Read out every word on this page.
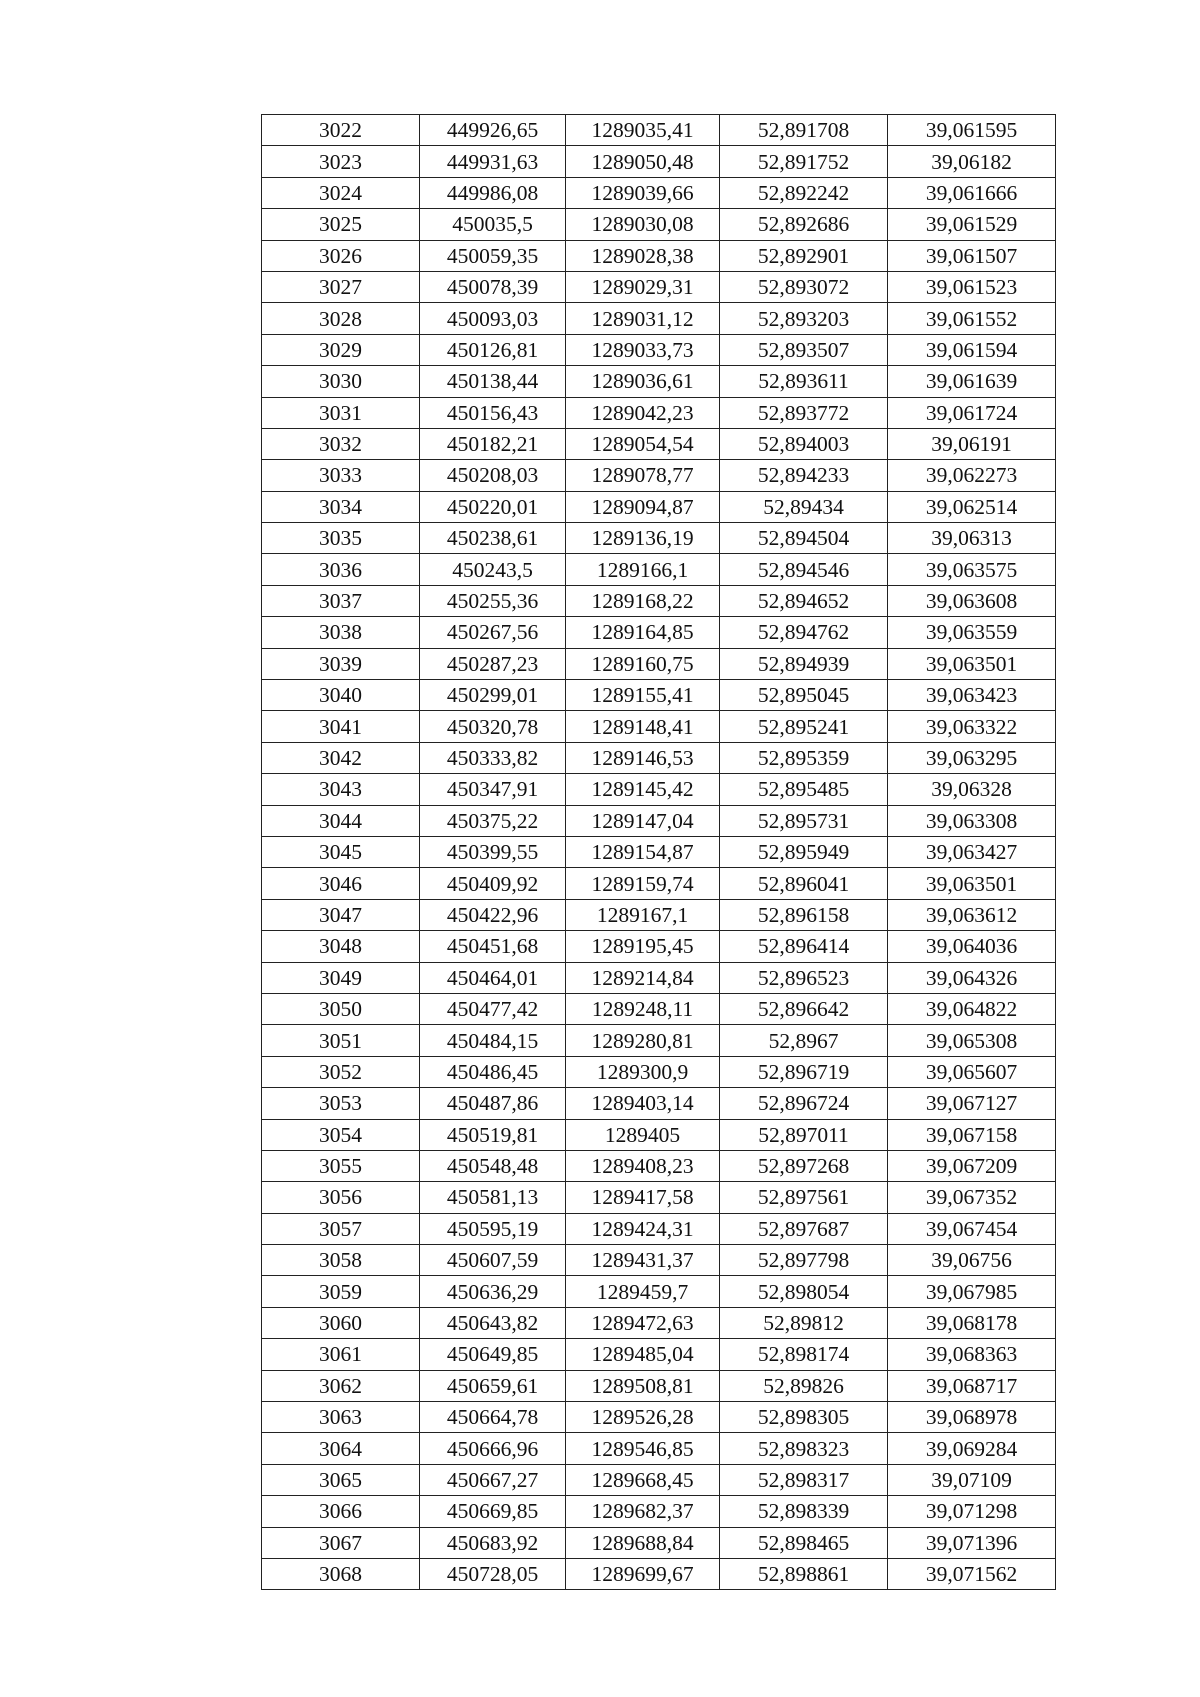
3022	449926,65	1289035,41	52,891708	39,061595
3023	449931,63	1289050,48	52,891752	39,06182
3024	449986,08	1289039,66	52,892242	39,061666
3025	450035,5	1289030,08	52,892686	39,061529
3026	450059,35	1289028,38	52,892901	39,061507
3027	450078,39	1289029,31	52,893072	39,061523
3028	450093,03	1289031,12	52,893203	39,061552
3029	450126,81	1289033,73	52,893507	39,061594
3030	450138,44	1289036,61	52,893611	39,061639
3031	450156,43	1289042,23	52,893772	39,061724
3032	450182,21	1289054,54	52,894003	39,06191
3033	450208,03	1289078,77	52,894233	39,062273
3034	450220,01	1289094,87	52,89434	39,062514
3035	450238,61	1289136,19	52,894504	39,06313
3036	450243,5	1289166,1	52,894546	39,063575
3037	450255,36	1289168,22	52,894652	39,063608
3038	450267,56	1289164,85	52,894762	39,063559
3039	450287,23	1289160,75	52,894939	39,063501
3040	450299,01	1289155,41	52,895045	39,063423
3041	450320,78	1289148,41	52,895241	39,063322
3042	450333,82	1289146,53	52,895359	39,063295
3043	450347,91	1289145,42	52,895485	39,06328
3044	450375,22	1289147,04	52,895731	39,063308
3045	450399,55	1289154,87	52,895949	39,063427
3046	450409,92	1289159,74	52,896041	39,063501
3047	450422,96	1289167,1	52,896158	39,063612
3048	450451,68	1289195,45	52,896414	39,064036
3049	450464,01	1289214,84	52,896523	39,064326
3050	450477,42	1289248,11	52,896642	39,064822
3051	450484,15	1289280,81	52,8967	39,065308
3052	450486,45	1289300,9	52,896719	39,065607
3053	450487,86	1289403,14	52,896724	39,067127
3054	450519,81	1289405	52,897011	39,067158
3055	450548,48	1289408,23	52,897268	39,067209
3056	450581,13	1289417,58	52,897561	39,067352
3057	450595,19	1289424,31	52,897687	39,067454
3058	450607,59	1289431,37	52,897798	39,06756
3059	450636,29	1289459,7	52,898054	39,067985
3060	450643,82	1289472,63	52,89812	39,068178
3061	450649,85	1289485,04	52,898174	39,068363
3062	450659,61	1289508,81	52,89826	39,068717
3063	450664,78	1289526,28	52,898305	39,068978
3064	450666,96	1289546,85	52,898323	39,069284
3065	450667,27	1289668,45	52,898317	39,07109
3066	450669,85	1289682,37	52,898339	39,071298
3067	450683,92	1289688,84	52,898465	39,071396
3068	450728,05	1289699,67	52,898861	39,071562
